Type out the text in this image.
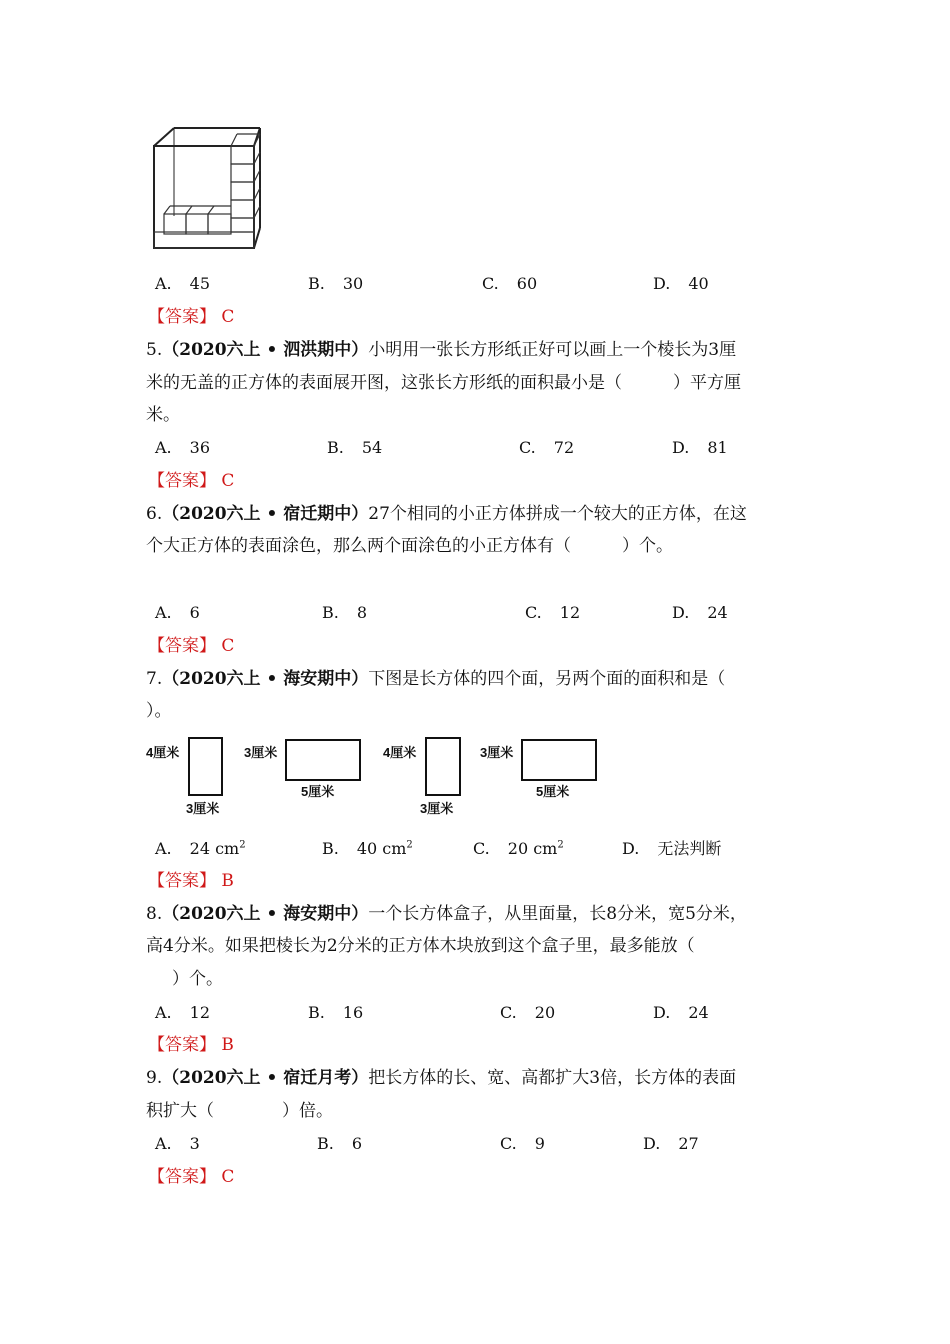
A. 45	B. 30	C. 60	D. 40
【答案】 C
5.（2020六上 • 泗洪期中）小明用一张长方形纸正好可以画上一个棱长为3厘
米的无盖的正方体的表面展开图，这张长方形纸的面积最小是（　　　）平方厘
米。
A. 36	B. 54	C. 72	D. 81
【答案】 C
6.（2020六上 • 宿迁期中）27个相同的小正方体拼成一个较大的正方体，在这
个大正方体的表面涂色，那么两个面涂色的小正方体有（　　　）个。
A. 6	B. 8	C. 12	D. 24
【答案】 C
7.（2020六上 • 海安期中）下图是长方体的四个面，另两个面的面积和是（
）。
4厘米
3厘米
3厘米
5厘米
4厘米
3厘米
3厘米
5厘米
A. 24 $cm^2$	B. 40 $cm^2$	C. 20 $cm^2$	D. 无法判断
【答案】 B
8.（2020六上 • 海安期中）一个长方体盒子，从里面量，长8分米，宽5分米，
高4分米。如果把棱长为2分米的正方体木块放到这个盒子里，最多能放（
）个。
A. 12	B. 16	C. 20	D. 24
【答案】 B
9.（2020六上 • 宿迁月考）把长方体的长、宽、高都扩大3倍，长方体的表面
积扩大（　　　　）倍。
A. 3	B. 6	C. 9	D. 27
【答案】 C
